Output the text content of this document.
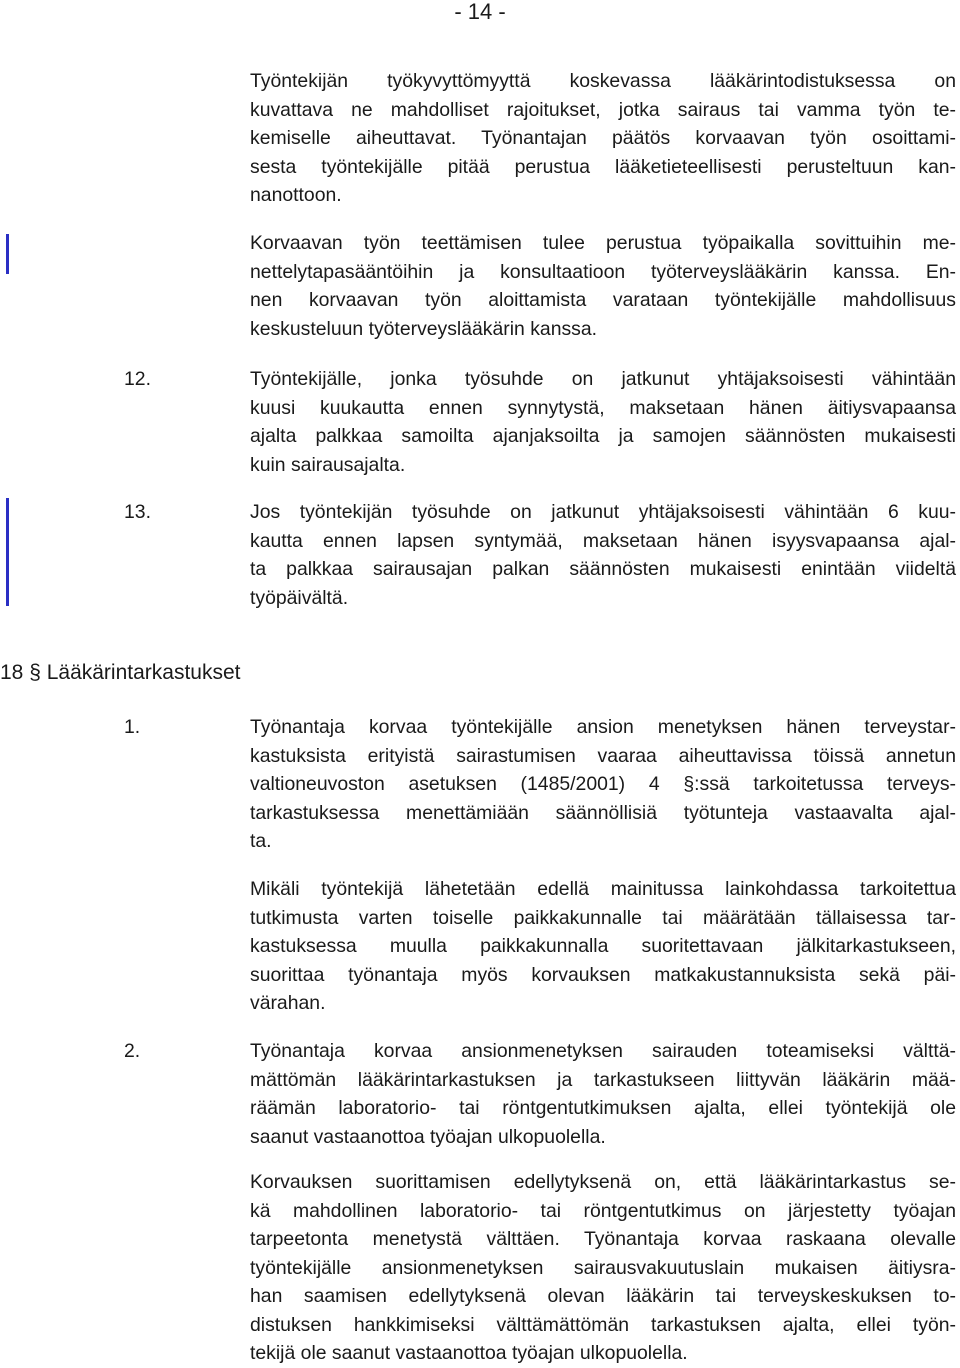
- 14 -
Työntekijän työkyvyttömyyttä koskevassa lääkärintodistuksessa on
kuvattava ne mahdolliset rajoitukset, jotka sairaus tai vamma työn te-
kemiselle aiheuttavat. Työnantajan päätös korvaavan työn osoittami-
sesta työntekijälle pitää perustua lääketieteellisesti perusteltuun kan-
nanottoon.
Korvaavan työn teettämisen tulee perustua työpaikalla sovittuihin me-
nettelytapasääntöihin ja konsultaatioon työterveyslääkärin kanssa. En-
nen korvaavan työn aloittamista varataan työntekijälle mahdollisuus
keskusteluun työterveyslääkärin kanssa.
12.	Työntekijälle, jonka työsuhde on jatkunut yhtäjaksoisesti vähintään
kuusi kuukautta ennen synnytystä, maksetaan hänen äitiysvapaansa
ajalta palkkaa samoilta ajanjaksoilta ja samojen säännösten mukaisesti
kuin sairausajalta.
13.	Jos työntekijän työsuhde on jatkunut yhtäjaksoisesti vähintään 6 kuu-
kautta ennen lapsen syntymää, maksetaan hänen isyysvapaansa ajal-
ta palkkaa sairausajan palkan säännösten mukaisesti enintään viideltä
työpäivältä.
18 § Lääkärintarkastukset
1.	Työnantaja korvaa työntekijälle ansion menetyksen hänen terveystar-
kastuksista erityistä sairastumisen vaaraa aiheuttavissa töissä annetun
valtioneuvoston asetuksen (1485/2001) 4 §:ssä tarkoitetussa terveys-
tarkastuksessa menettämiään säännöllisiä työtunteja vastaavalta ajal-
ta.
Mikäli työntekijä lähetetään edellä mainitussa lainkohdassa tarkoitettua
tutkimusta varten toiselle paikkakunnalle tai määrätään tällaisessa tar-
kastuksessa muulla paikkakunnalla suoritettavaan jälkitarkastukseen,
suorittaa työnantaja myös korvauksen matkakustannuksista sekä päi-
värahan.
2.	Työnantaja korvaa ansionmenetyksen sairauden toteamiseksi välttä-
mättömän lääkärintarkastuksen ja tarkastukseen liittyvän lääkärin mää-
räämän laboratorio- tai röntgentutkimuksen ajalta, ellei työntekijä ole
saanut vastaanottoa työajan ulkopuolella.
Korvauksen suorittamisen edellytyksenä on, että lääkärintarkastus se-
kä mahdollinen laboratorio- tai röntgentutkimus on järjestetty työajan
tarpeetonta menetystä välttäen. Työnantaja korvaa raskaana olevalle
työntekijälle ansionmenetyksen sairausvakuutuslain mukaisen äitiysra-
han saamisen edellytyksenä olevan lääkärin tai terveyskeskuksen to-
distuksen hankkimiseksi välttämättömän tarkastuksen ajalta, ellei työn-
tekijä ole saanut vastaanottoa työajan ulkopuolella.
